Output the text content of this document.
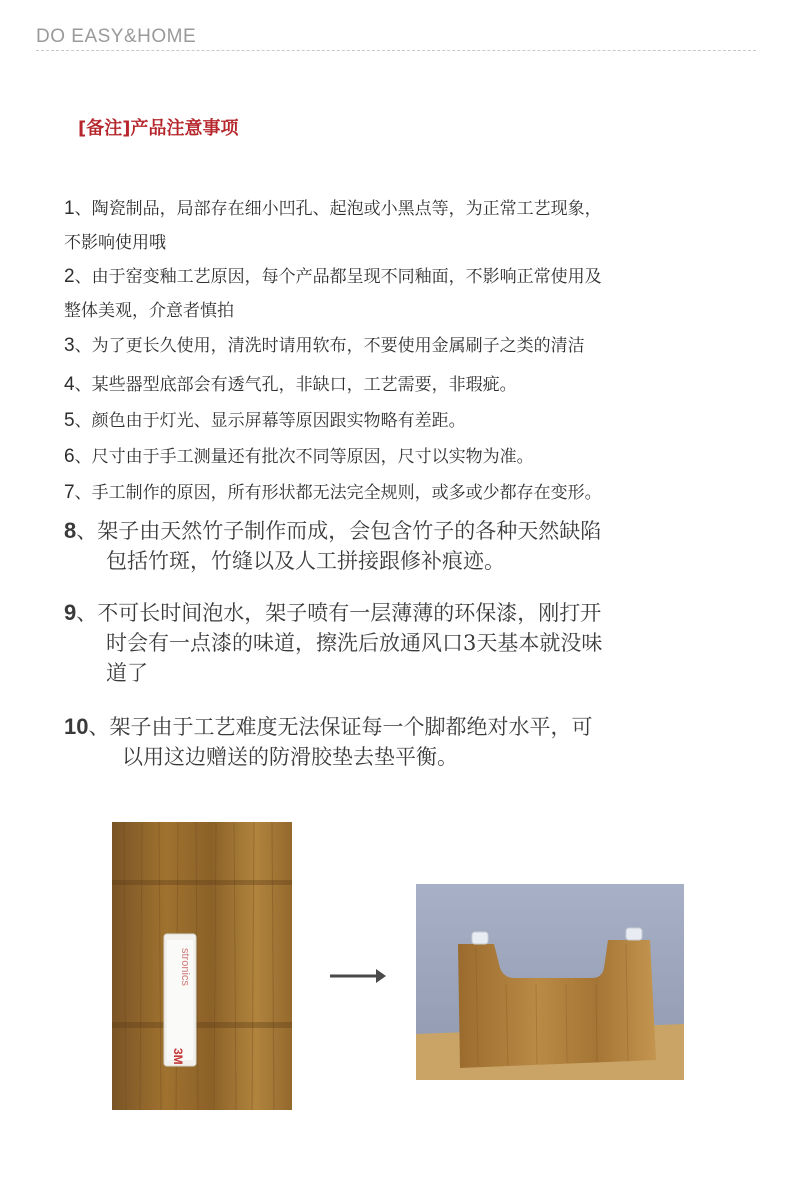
DO EASY&HOME
[备注]产品注意事项
1、陶瓷制品，局部存在细小凹孔、起泡或小黑点等，为正常工艺现象，
不影响使用哦
2、由于窑变釉工艺原因，每个产品都呈现不同釉面，不影响正常使用及
整体美观，介意者慎拍
3、为了更长久使用，清洗时请用软布，不要使用金属刷子之类的清洁
4、某些器型底部会有透气孔，非缺口，工艺需要，非瑕疵。
5、颜色由于灯光、显示屏幕等原因跟实物略有差距。
6、尺寸由于手工测量还有批次不同等原因，尺寸以实物为准。
7、手工制作的原因，所有形状都无法完全规则，或多或少都存在变形。
8、架子由天然竹子制作而成，会包含竹子的各种天然缺陷
包括竹斑，竹缝以及人工拼接跟修补痕迹。
9、不可长时间泡水，架子喷有一层薄薄的环保漆，刚打开
时会有一点漆的味道，擦洗后放通风口3天基本就没味
道了
10、架子由于工艺难度无法保证每一个脚都绝对水平，可
以用这边赠送的防滑胶垫去垫平衡。
stronics
3M
